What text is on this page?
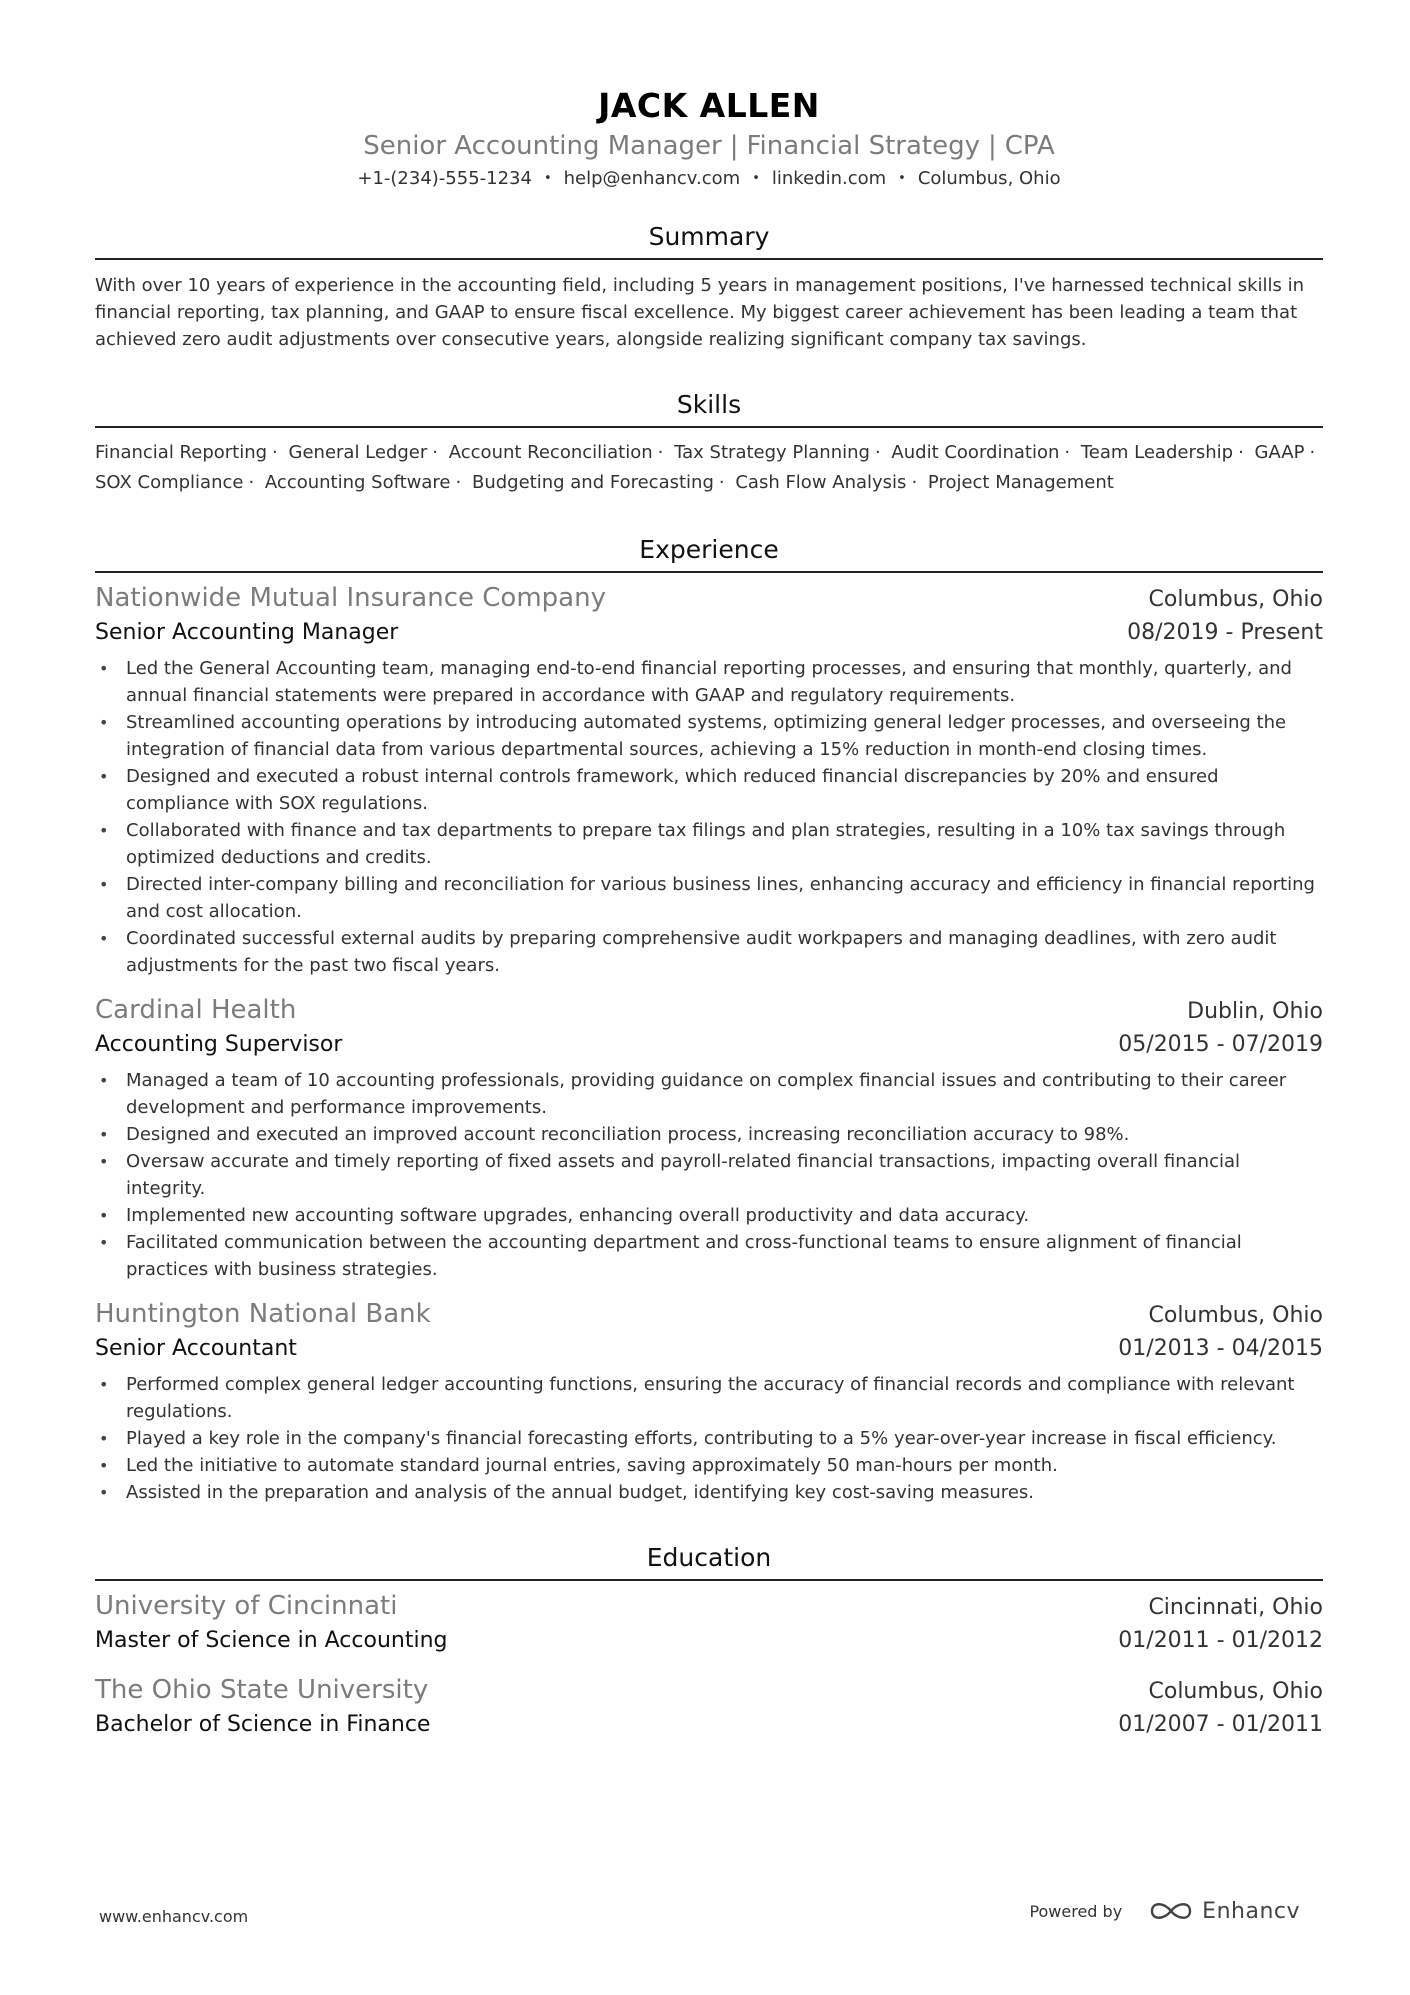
JACK ALLEN
Senior Accounting Manager | Financial Strategy | CPA
+1-(234)-555-1234 • help@enhancv.com • linkedin.com • Columbus, Ohio
Summary
With over 10 years of experience in the accounting field, including 5 years in management positions, I've harnessed technical skills in financial reporting, tax planning, and GAAP to ensure fiscal excellence. My biggest career achievement has been leading a team that achieved zero audit adjustments over consecutive years, alongside realizing significant company tax savings.
Skills
Financial Reporting · General Ledger · Account Reconciliation · Tax Strategy Planning · Audit Coordination · Team Leadership · GAAP · SOX Compliance · Accounting Software · Budgeting and Forecasting · Cash Flow Analysis · Project Management
Experience
Nationwide Mutual Insurance Company	Columbus, Ohio
Senior Accounting Manager	08/2019 - Present
• Led the General Accounting team, managing end-to-end financial reporting processes, and ensuring that monthly, quarterly, and annual financial statements were prepared in accordance with GAAP and regulatory requirements.
• Streamlined accounting operations by introducing automated systems, optimizing general ledger processes, and overseeing the integration of financial data from various departmental sources, achieving a 15% reduction in month-end closing times.
• Designed and executed a robust internal controls framework, which reduced financial discrepancies by 20% and ensured compliance with SOX regulations.
• Collaborated with finance and tax departments to prepare tax filings and plan strategies, resulting in a 10% tax savings through optimized deductions and credits.
• Directed inter-company billing and reconciliation for various business lines, enhancing accuracy and efficiency in financial reporting and cost allocation.
• Coordinated successful external audits by preparing comprehensive audit workpapers and managing deadlines, with zero audit adjustments for the past two fiscal years.
Cardinal Health	Dublin, Ohio
Accounting Supervisor	05/2015 - 07/2019
• Managed a team of 10 accounting professionals, providing guidance on complex financial issues and contributing to their career development and performance improvements.
• Designed and executed an improved account reconciliation process, increasing reconciliation accuracy to 98%.
• Oversaw accurate and timely reporting of fixed assets and payroll-related financial transactions, impacting overall financial integrity.
• Implemented new accounting software upgrades, enhancing overall productivity and data accuracy.
• Facilitated communication between the accounting department and cross-functional teams to ensure alignment of financial practices with business strategies.
Huntington National Bank	Columbus, Ohio
Senior Accountant	01/2013 - 04/2015
• Performed complex general ledger accounting functions, ensuring the accuracy of financial records and compliance with relevant regulations.
• Played a key role in the company's financial forecasting efforts, contributing to a 5% year-over-year increase in fiscal efficiency.
• Led the initiative to automate standard journal entries, saving approximately 50 man-hours per month.
• Assisted in the preparation and analysis of the annual budget, identifying key cost-saving measures.
Education
University of Cincinnati	Cincinnati, Ohio
Master of Science in Accounting	01/2011 - 01/2012
The Ohio State University	Columbus, Ohio
Bachelor of Science in Finance	01/2007 - 01/2011
www.enhancv.com	Powered by	Enhancv
